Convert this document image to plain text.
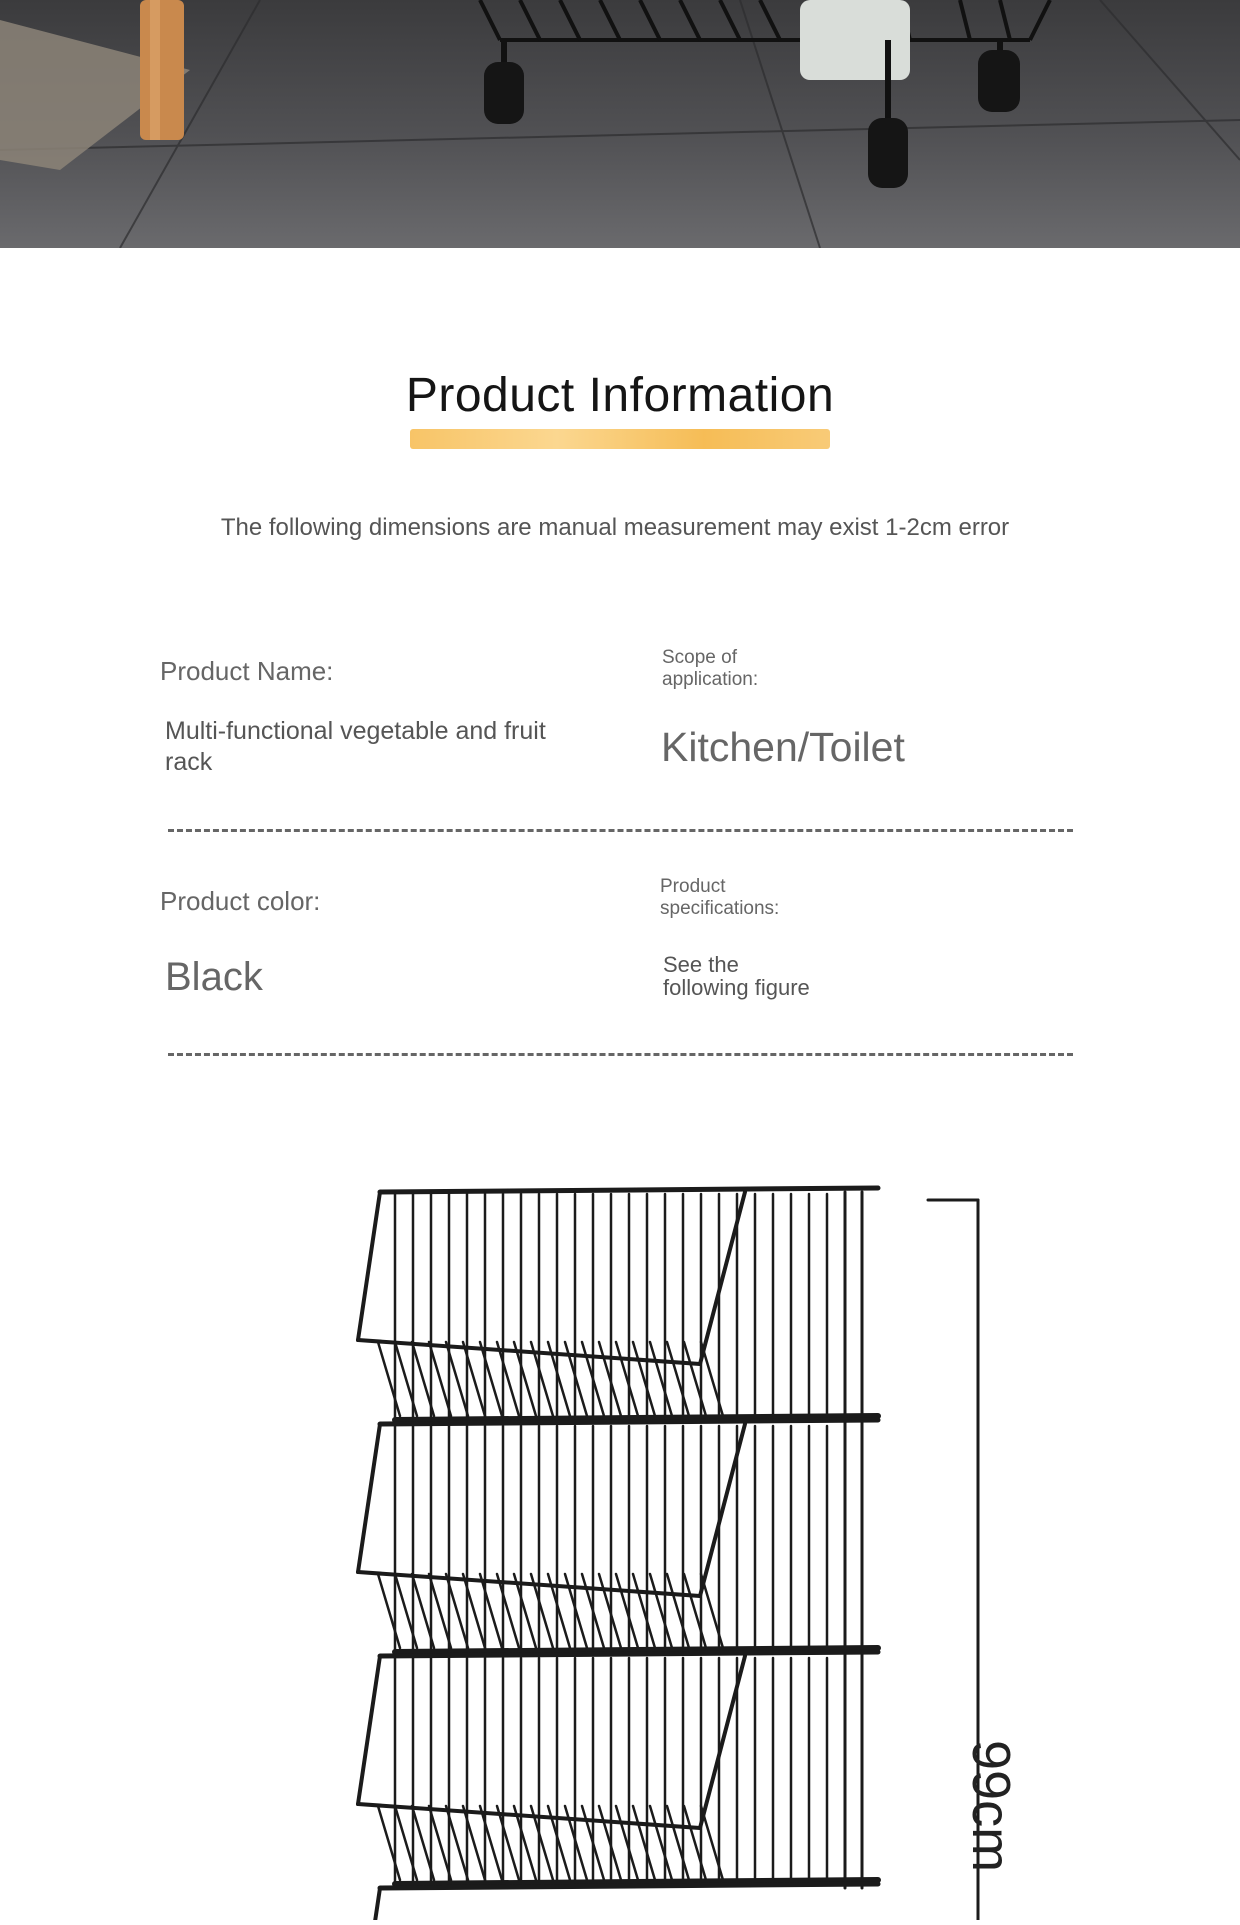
Product Information
The following dimensions are manual measurement may exist 1-2cm error
Product Name:	Scope of application:
Multi-functional vegetable and fruit rack	Kitchen/Toilet
Product color:	Product specifications:
Black	See the following figure
99cm
